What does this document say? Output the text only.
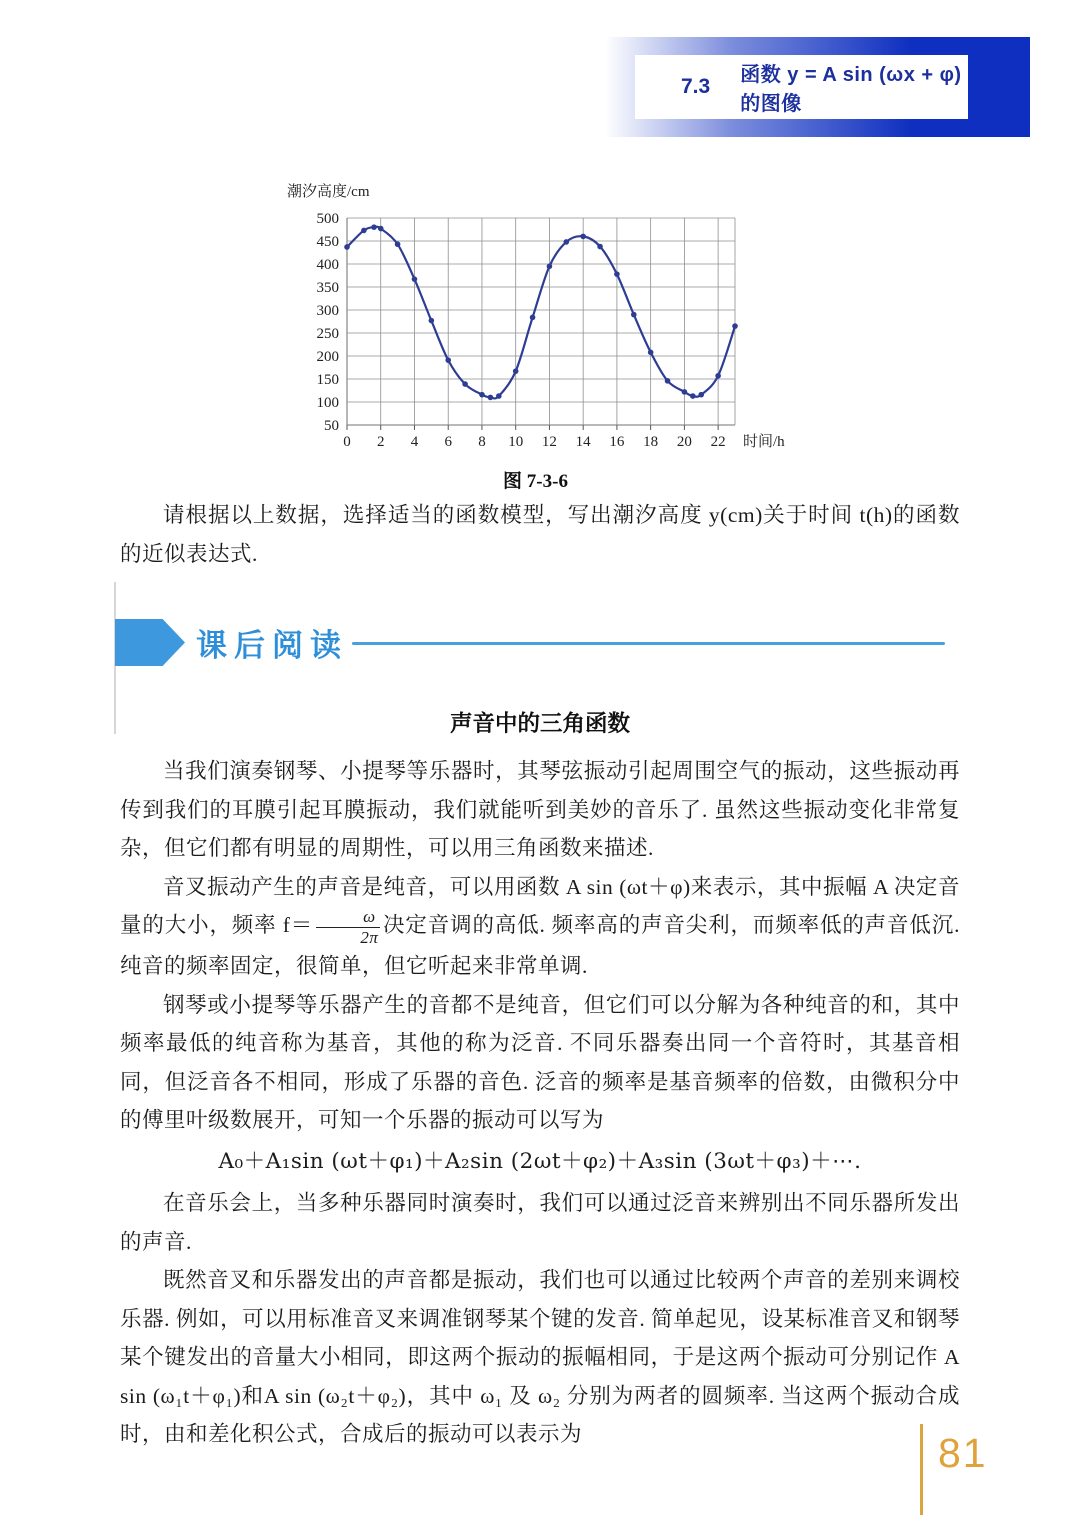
7.3 函数 y = A sin (ωx + φ)的图像
50
100
150
200
250
300
350
400
450
500
0 2 4 6 8 10 12 14 16 18 20 22
潮汐高度/cm
时间/h
图 7-3-6

请根据以上数据，选择适当的函数模型，写出潮汐高度 y(cm)关于时间 t(h)的函数的近似表达式.

课后阅读
声音中的三角函数

当我们演奏钢琴、小提琴等乐器时，其琴弦振动引起周围空气的振动，这些振动再传到我们的耳膜引起耳膜振动，我们就能听到美妙的音乐了. 虽然这些振动变化非常复杂，但它们都有明显的周期性，可以用三角函数来描述.

音叉振动产生的声音是纯音，可以用函数 A sin (ωt＋φ)来表示，其中振幅 A 决定音量的大小，频率 $f= \frac{\omega}{2\pi}$ 决定音调的高低. 频率高的声音尖利，而频率低的声音低沉. 纯音的频率固定，很简单，但它听起来非常单调.

钢琴或小提琴等乐器产生的音都不是纯音，但它们可以分解为各种纯音的和，其中频率最低的纯音称为基音，其他的称为泛音. 不同乐器奏出同一个音符时，其基音相同，但泛音各不相同，形成了乐器的音色. 泛音的频率是基音频率的倍数，由微积分中的傅里叶级数展开，可知一个乐器的振动可以写为

A₀＋A₁sin (ωt＋φ₁)＋A₂sin (2ωt＋φ₂)＋A₃sin (3ωt＋φ₃)＋⋯.

在音乐会上，当多种乐器同时演奏时，我们可以通过泛音来辨别出不同乐器所发出的声音.

既然音叉和乐器发出的声音都是振动，我们也可以通过比较两个声音的差别来调校乐器. 例如，可以用标准音叉来调准钢琴某个键的发音. 简单起见，设某标准音叉和钢琴某个键发出的音量大小相同，即这两个振动的振幅相同，于是这两个振动可分别记作 A sin (ω₁t＋φ₁)和A sin (ω₂t＋φ₂)，其中 ω₁ 及 ω₂ 分别为两者的圆频率. 当这两个振动合成时，由和差化积公式，合成后的振动可以表示为	81
